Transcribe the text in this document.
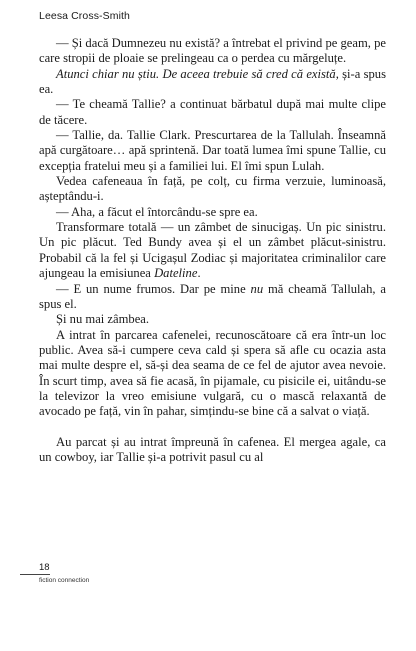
Leesa Cross-Smith

— Și dacă Dumnezeu nu există? a întrebat el privind pe geam, pe care stropii de ploaie se prelingeau ca o perdea cu mărgeluțe.

Atunci chiar nu știu. De aceea trebuie să cred că există, și-a spus ea.

— Te cheamă Tallie? a continuat bărbatul după mai multe clipe de tăcere.

— Tallie, da. Tallie Clark. Prescurtarea de la Tallulah. Înseamnă apă curgătoare… apă sprintenă. Dar toată lumea îmi spune Tallie, cu excepția fratelui meu și a familiei lui. El îmi spun Lulah.

Vedea cafeneaua în față, pe colț, cu firma verzuie, luminoasă, așteptându-i.

— Aha, a făcut el întorcându-se spre ea.

Transformare totală — un zâmbet de sinucigaș. Un pic sinistru. Un pic plăcut. Ted Bundy avea și el un zâmbet plăcut-sinistru. Probabil că la fel și Ucigașul Zodiac și majoritatea criminalilor care ajungeau la emisiunea Dateline.

— E un nume frumos. Dar pe mine nu mă cheamă Tallulah, a spus el.

Și nu mai zâmbea.

A intrat în parcarea cafenelei, recunoscătoare că era într-un loc public. Avea să-i cumpere ceva cald și spera să afle cu ocazia asta mai multe despre el, să-și dea seama de ce fel de ajutor avea nevoie. În scurt timp, avea să fie acasă, în pijamale, cu pisicile ei, uitându-se la televizor la vreo emisiune vulgară, cu o mască relaxantă de avocado pe față, vin în pahar, simțindu-se bine că a salvat o viață.

Au parcat și au intrat împreună în cafenea. El mergea agale, ca un cowboy, iar Tallie și-a potrivit pasul cu al

18
fiction connection
